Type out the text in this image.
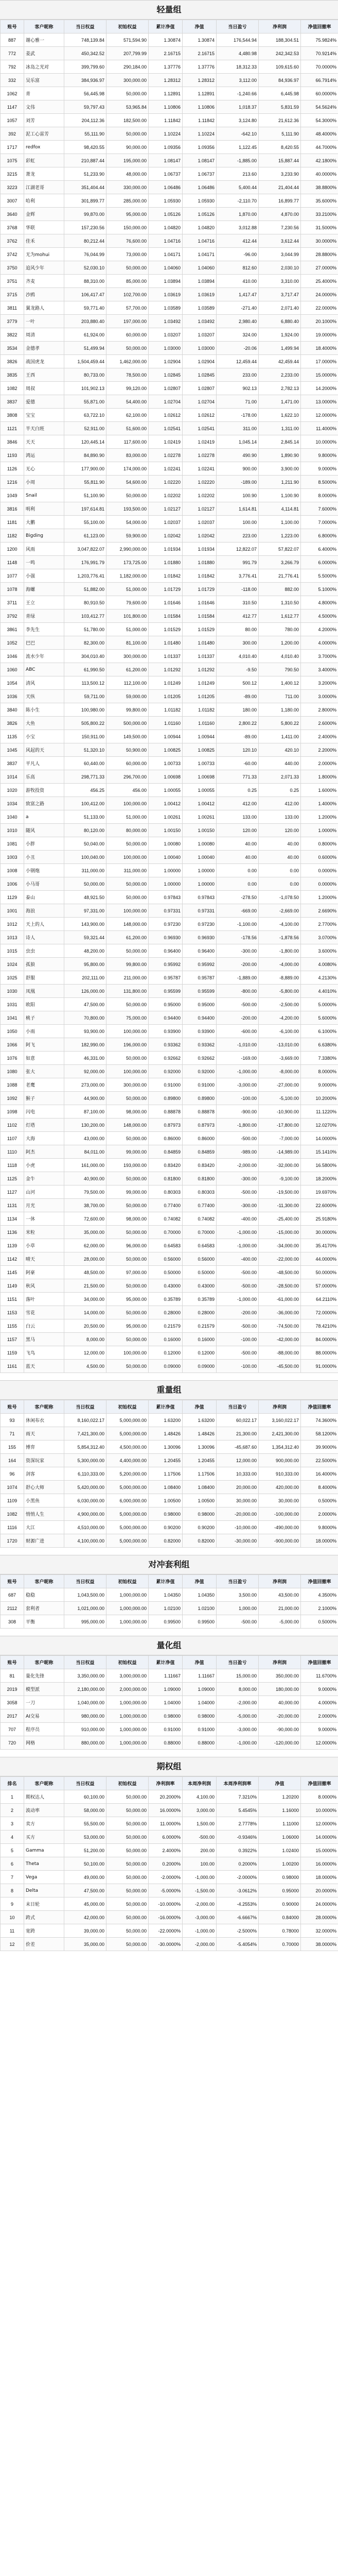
轻量组
账号	客户昵称	当日权益	初始权益	累计净值	净值	当日盈亏	净利润	净值回撤率
887	谢心雅一	748,139.84	571,594.90	1.30874	1.30874	176,544.94	188,304.51	75.9824%
772	姜武	450,342.52	207,799.99	2.16715	2.16715	4,480.98	242,342.53	70.9214%
792	冰岛之光对	399,799.60	290,184.00	1.37776	1.37776	18,312.33	109,615.60	70.0000%
332	吴乐富	384,936.97	300,000.00	1.28312	1.28312	3,112.00	84,936.97	66.7914%
1062	青	56,445.98	50,000.00	1.12891	1.12891	-1,240.66	6,445.98	60.0000%
1147	文伟	59,797.43	53,965.84	1.10806	1.10806	1,018.37	5,831.59	54.5624%
1057	刘芳	204,112.36	182,500.00	1.11842	1.11842	3,124.80	21,612.36	54.3000%
392	泥工心雷芳	55,111.90	50,000.00	1.10224	1.10224	-642.10	5,111.90	48.4000%
1717	redfox	98,420.55	90,000.00	1.09356	1.09356	1,122.45	8,420.55	44.7000%
1075	彩虹	210,887.44	195,000.00	1.08147	1.08147	-1,885.00	15,887.44	42.1800%
3215	萧龙	51,233.90	48,000.00	1.06737	1.06737	213.60	3,233.90	40.0000%
3223	江湖老哥	351,404.44	330,000.00	1.06486	1.06486	5,400.44	21,404.44	38.8800%
3007	哈利	301,899.77	285,000.00	1.05930	1.05930	-2,110.70	16,899.77	35.6000%
3640	金辉	99,870.00	95,000.00	1.05126	1.05126	1,870.00	4,870.00	33.2100%
3768	华联	157,230.56	150,000.00	1.04820	1.04820	3,012.88	7,230.56	31.5000%
3762	佳禾	80,212.44	76,600.00	1.04716	1.04716	412.44	3,612.44	30.0000%
3742	无为mohui	76,044.99	73,000.00	1.04171	1.04171	-96.00	3,044.99	28.8800%
3750	追风少年	52,030.10	50,000.00	1.04060	1.04060	812.60	2,030.10	27.0000%
3751	齐麦	88,310.00	85,000.00	1.03894	1.03894	410.00	3,310.00	25.4000%
3715	沙鸥	106,417.47	102,700.00	1.03619	1.03619	1,417.47	3,717.47	24.0000%
3811	翼龙路人	59,771.40	57,700.00	1.03589	1.03589	-271.40	2,071.40	22.0000%
3779	一叶	203,880.40	197,000.00	1.03492	1.03492	2,980.40	6,880.40	20.1000%
3822	周清	61,924.00	60,000.00	1.03207	1.03207	324.00	1,924.00	19.0000%
3534	金德孝	51,499.94	50,000.00	1.03000	1.03000	-20.06	1,499.94	18.4000%
3826	战国虎龙	1,504,459.44	1,462,000.00	1.02904	1.02904	12,459.44	42,459.44	17.0000%
3835	王西	80,733.00	78,500.00	1.02845	1.02845	233.00	2,233.00	15.0000%
1082	周叔	101,902.13	99,120.00	1.02807	1.02807	902.13	2,782.13	14.2000%
3837	爱德	55,871.00	54,400.00	1.02704	1.02704	71.00	1,471.00	13.0000%
3808	宝宝	63,722.10	62,100.00	1.02612	1.02612	-178.00	1,622.10	12.0000%
1121	半天白班	52,911.00	51,600.00	1.02541	1.02541	311.00	1,311.00	11.4000%
3846	天天	120,445.14	117,600.00	1.02419	1.02419	1,045.14	2,845.14	10.0000%
1193	鸿运	84,890.90	83,000.00	1.02278	1.02278	490.90	1,890.90	9.8000%
1126	无心	177,900.00	174,000.00	1.02241	1.02241	900.00	3,900.00	9.0000%
1216	小周	55,811.90	54,600.00	1.02220	1.02220	-189.00	1,211.90	8.5000%
1049	Snail	51,100.90	50,000.00	1.02202	1.02202	100.90	1,100.90	8.0000%
3816	明利	197,614.81	193,500.00	1.02127	1.02127	1,614.81	4,114.81	7.6000%
1181	大鹏	55,100.00	54,000.00	1.02037	1.02037	100.00	1,100.00	7.0000%
1182	Bigding	61,123.00	59,900.00	1.02042	1.02042	223.00	1,223.00	6.8000%
1200	风雨	3,047,822.07	2,990,000.00	1.01934	1.01934	12,822.07	57,822.07	6.4000%
1148	一鸣	176,991.79	173,725.00	1.01880	1.01880	991.79	3,266.79	6.0000%
1077	小强	1,203,776.41	1,182,000.00	1.01842	1.01842	3,776.41	21,776.41	5.5000%
1078	海螺	51,882.00	51,000.00	1.01729	1.01729	-118.00	882.00	5.1000%
3711	王立	80,910.50	79,600.00	1.01646	1.01646	310.50	1,310.50	4.8000%
3792	青绿	103,412.77	101,800.00	1.01584	1.01584	412.77	1,612.77	4.5000%
3861	李先生	51,780.00	51,000.00	1.01529	1.01529	80.00	780.00	4.2000%
1052	巴巴	82,300.00	81,100.00	1.01480	1.01480	300.00	1,200.00	4.0000%
1046	流水少年	304,010.40	300,000.00	1.01337	1.01337	4,010.40	4,010.40	3.7000%
1060	ABC	61,990.50	61,200.00	1.01292	1.01292	-9.50	790.50	3.4000%
1054	清风	113,500.12	112,100.00	1.01249	1.01249	500.12	1,400.12	3.2000%
1036	天纵	59,711.00	59,000.00	1.01205	1.01205	-89.00	711.00	3.0000%
3840	陈小生	100,980.00	99,800.00	1.01182	1.01182	180.00	1,180.00	2.8000%
3826	大鱼	505,800.22	500,000.00	1.01160	1.01160	2,800.22	5,800.22	2.6000%
1135	小宝	150,911.00	149,500.00	1.00944	1.00944	-89.00	1,411.00	2.4000%
1045	风起的天	51,320.10	50,900.00	1.00825	1.00825	120.10	420.10	2.2000%
3837	平凡人	60,440.00	60,000.00	1.00733	1.00733	-60.00	440.00	2.0000%
1014	乐高	298,771.33	296,700.00	1.00698	1.00698	771.33	2,071.33	1.8000%
1020	游牧投资	456.25	456.00	1.00055	1.00055	0.25	0.25	1.6000%
1034	致富之路	100,412.00	100,000.00	1.00412	1.00412	412.00	412.00	1.4000%
1040	a	51,133.00	51,000.00	1.00261	1.00261	133.00	133.00	1.2000%
1010	随风	80,120.00	80,000.00	1.00150	1.00150	120.00	120.00	1.0000%
1081	小胖	50,040.00	50,000.00	1.00080	1.00080	40.00	40.00	0.8000%
1003	小丑	100,040.00	100,000.00	1.00040	1.00040	40.00	40.00	0.6000%
1008	小钢炮	311,000.00	311,000.00	1.00000	1.00000	0.00	0.00	0.0000%
1006	小马哥	50,000.00	50,000.00	1.00000	1.00000	0.00	0.00	0.0000%
1129	泰山	48,921.50	50,000.00	0.97843	0.97843	-278.50	-1,078.50	1.2000%
1001	海浪	97,331.00	100,000.00	0.97331	0.97331	-669.00	-2,669.00	2.6690%
1012	天上的人	143,900.00	148,000.00	0.97230	0.97230	-1,100.00	-4,100.00	2.7700%
1013	诗人	59,321.44	61,200.00	0.96930	0.96930	-178.56	-1,878.56	3.0700%
1015	虫虫	48,200.00	50,000.00	0.96400	0.96400	-300.00	-1,800.00	3.6000%
1024	孤狼	95,800.00	99,800.00	0.95992	0.95992	-200.00	-4,000.00	4.0080%
1025	舒服	202,111.00	211,000.00	0.95787	0.95787	-1,889.00	-8,889.00	4.2130%
1030	凤凰	126,000.00	131,800.00	0.95599	0.95599	-800.00	-5,800.00	4.4010%
1031	欧阳	47,500.00	50,000.00	0.95000	0.95000	-500.00	-2,500.00	5.0000%
1041	桃子	70,800.00	75,000.00	0.94400	0.94400	-200.00	-4,200.00	5.6000%
1050	小雨	93,900.00	100,000.00	0.93900	0.93900	-600.00	-6,100.00	6.1000%
1066	阿飞	182,990.00	196,000.00	0.93362	0.93362	-1,010.00	-13,010.00	6.6380%
1076	如意	46,331.00	50,000.00	0.92662	0.92662	-169.00	-3,669.00	7.3380%
1080	张大	92,000.00	100,000.00	0.92000	0.92000	-1,000.00	-8,000.00	8.0000%
1088	老鹰	273,000.00	300,000.00	0.91000	0.91000	-3,000.00	-27,000.00	9.0000%
1092	猴子	44,900.00	50,000.00	0.89800	0.89800	-100.00	-5,100.00	10.2000%
1098	闪电	87,100.00	98,000.00	0.88878	0.88878	-900.00	-10,900.00	11.1220%
1102	灯塔	130,200.00	148,000.00	0.87973	0.87973	-1,800.00	-17,800.00	12.0270%
1107	大海	43,000.00	50,000.00	0.86000	0.86000	-500.00	-7,000.00	14.0000%
1110	阿杰	84,011.00	99,000.00	0.84859	0.84859	-989.00	-14,989.00	15.1410%
1118	小虎	161,000.00	193,000.00	0.83420	0.83420	-2,000.00	-32,000.00	16.5800%
1125	金牛	40,900.00	50,000.00	0.81800	0.81800	-300.00	-9,100.00	18.2000%
1127	山河	79,500.00	99,000.00	0.80303	0.80303	-500.00	-19,500.00	19.6970%
1131	月光	38,700.00	50,000.00	0.77400	0.77400	-300.00	-11,300.00	22.6000%
1134	一休	72,600.00	98,000.00	0.74082	0.74082	-400.00	-25,400.00	25.9180%
1136	米粒	35,000.00	50,000.00	0.70000	0.70000	-1,000.00	-15,000.00	30.0000%
1139	小草	62,000.00	96,000.00	0.64583	0.64583	-1,000.00	-34,000.00	35.4170%
1142	晴天	28,000.00	50,000.00	0.56000	0.56000	-400.00	-22,000.00	44.0000%
1145	阿豪	48,500.00	97,000.00	0.50000	0.50000	-500.00	-48,500.00	50.0000%
1149	秋风	21,500.00	50,000.00	0.43000	0.43000	-500.00	-28,500.00	57.0000%
1151	落叶	34,000.00	95,000.00	0.35789	0.35789	-1,000.00	-61,000.00	64.2110%
1153	雪花	14,000.00	50,000.00	0.28000	0.28000	-200.00	-36,000.00	72.0000%
1155	白云	20,500.00	95,000.00	0.21579	0.21579	-500.00	-74,500.00	78.4210%
1157	黑马	8,000.00	50,000.00	0.16000	0.16000	-100.00	-42,000.00	84.0000%
1159	飞鸟	12,000.00	100,000.00	0.12000	0.12000	-500.00	-88,000.00	88.0000%
1161	蓝天	4,500.00	50,000.00	0.09000	0.09000	-100.00	-45,500.00	91.0000%
重量组
账号	客户昵称	当日权益	初始权益	累计净值	净值	当日盈亏	净利润	净值回撤率
93	休闲布衣	8,160,022.17	5,000,000.00	1.63200	1.63200	60,022.17	3,160,022.17	74.3600%
71	雨天	7,421,300.00	5,000,000.00	1.48426	1.48426	21,300.00	2,421,300.00	58.1200%
155	博弈	5,854,312.40	4,500,000.00	1.30096	1.30096	-45,687.60	1,354,312.40	39.9000%
164	资深玩家	5,300,000.00	4,400,000.00	1.20455	1.20455	12,000.00	900,000.00	22.5000%
96	剑客	6,110,333.00	5,200,000.00	1.17506	1.17506	10,333.00	910,333.00	16.4000%
1074	舒心大师	5,420,000.00	5,000,000.00	1.08400	1.08400	20,000.00	420,000.00	8.4000%
1109	小黑鱼	6,030,000.00	6,000,000.00	1.00500	1.00500	30,000.00	30,000.00	0.5000%
1082	悄悄人生	4,900,000.00	5,000,000.00	0.98000	0.98000	-20,000.00	-100,000.00	2.0000%
1116	大江	4,510,000.00	5,000,000.00	0.90200	0.90200	-10,000.00	-490,000.00	9.8000%
1720	财源广进	4,100,000.00	5,000,000.00	0.82000	0.82000	-30,000.00	-900,000.00	18.0000%
对冲套利组
账号	客户昵称	当日权益	初始权益	累计净值	净值	当日盈亏	净利润	净值回撤率
687	稳稳	1,043,500.00	1,000,000.00	1.04350	1.04350	3,500.00	43,500.00	4.3500%
2112	套利者	1,021,000.00	1,000,000.00	1.02100	1.02100	1,000.00	21,000.00	2.1000%
308	平衡	995,000.00	1,000,000.00	0.99500	0.99500	-500.00	-5,000.00	0.5000%
量化组
账号	客户昵称	当日权益	初始权益	累计净值	净值	当日盈亏	净利润	净值回撤率
81	量化先锋	3,350,000.00	3,000,000.00	1.11667	1.11667	15,000.00	350,000.00	11.6700%
2019	模型派	2,180,000.00	2,000,000.00	1.09000	1.09000	8,000.00	180,000.00	9.0000%
3058	一刀	1,040,000.00	1,000,000.00	1.04000	1.04000	-2,000.00	40,000.00	4.0000%
2017	AI交易	980,000.00	1,000,000.00	0.98000	0.98000	-5,000.00	-20,000.00	2.0000%
707	程序员	910,000.00	1,000,000.00	0.91000	0.91000	-3,000.00	-90,000.00	9.0000%
720	网格	880,000.00	1,000,000.00	0.88000	0.88000	-1,000.00	-120,000.00	12.0000%
期权组
排名	客户昵称	当日权益	初始权益	净利润率	本周净利润	本周净利润率	净值	净值回撤率
1	期权达人	60,100.00	50,000.00	20.2000%	4,100.00	7.3210%	1.20200	8.0000%
2	波动率	58,000.00	50,000.00	16.0000%	3,000.00	5.4545%	1.16000	10.0000%
3	卖方	55,500.00	50,000.00	11.0000%	1,500.00	2.7778%	1.11000	12.0000%
4	买方	53,000.00	50,000.00	6.0000%	-500.00	-0.9346%	1.06000	14.0000%
5	Gamma	51,200.00	50,000.00	2.4000%	200.00	0.3922%	1.02400	15.0000%
6	Theta	50,100.00	50,000.00	0.2000%	100.00	0.2000%	1.00200	16.0000%
7	Vega	49,000.00	50,000.00	-2.0000%	-1,000.00	-2.0000%	0.98000	18.0000%
8	Delta	47,500.00	50,000.00	-5.0000%	-1,500.00	-3.0612%	0.95000	20.0000%
9	末日轮	45,000.00	50,000.00	-10.0000%	-2,000.00	-4.2553%	0.90000	24.0000%
10	跨式	42,000.00	50,000.00	-16.0000%	-3,000.00	-6.6667%	0.84000	28.0000%
11	宽跨	39,000.00	50,000.00	-22.0000%	-1,000.00	-2.5000%	0.78000	32.0000%
12	价差	35,000.00	50,000.00	-30.0000%	-2,000.00	-5.4054%	0.70000	38.0000%
